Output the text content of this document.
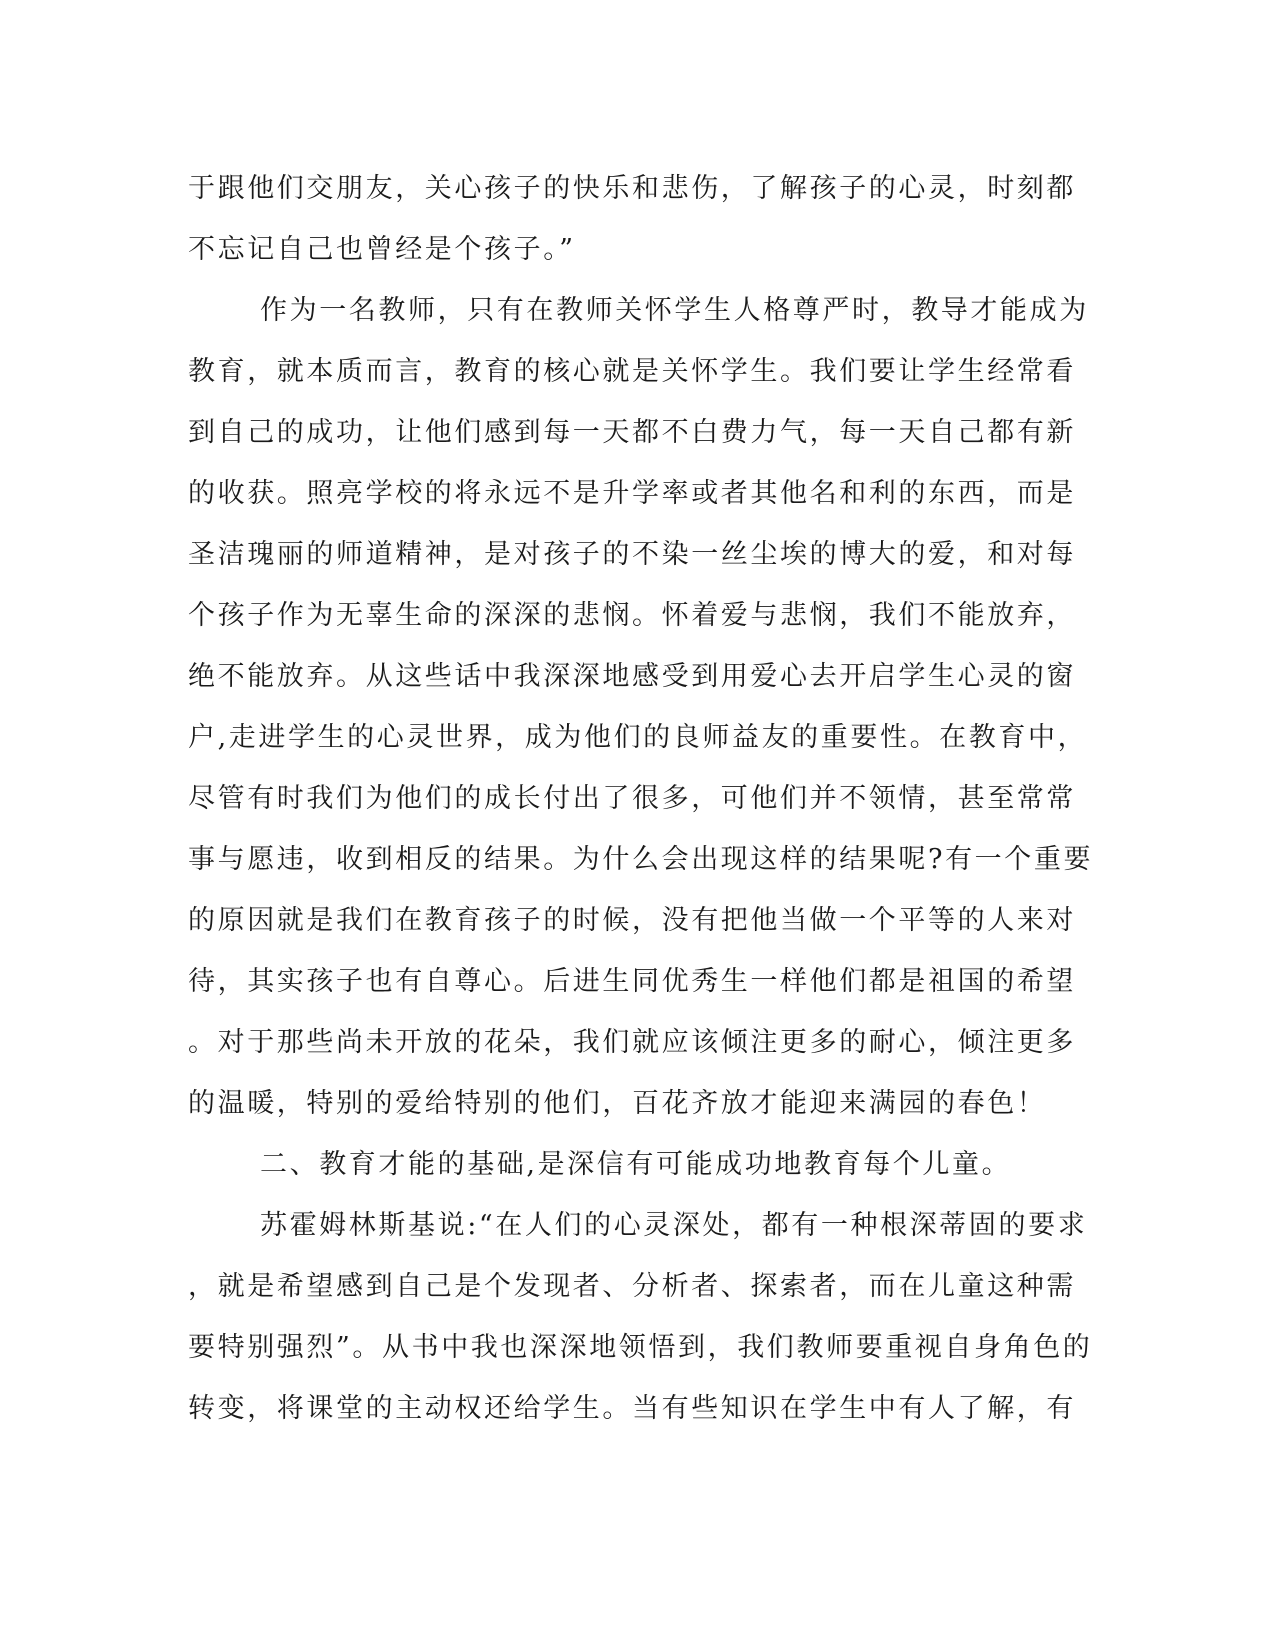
于跟他们交朋友，关心孩子的快乐和悲伤，了解孩子的心灵，时刻都
不忘记自己也曾经是个孩子。”
作为一名教师，只有在教师关怀学生人格尊严时，教导才能成为
教育，就本质而言，教育的核心就是关怀学生。我们要让学生经常看
到自己的成功，让他们感到每一天都不白费力气，每一天自己都有新
的收获。照亮学校的将永远不是升学率或者其他名和利的东西，而是
圣洁瑰丽的师道精神，是对孩子的不染一丝尘埃的博大的爱，和对每
个孩子作为无辜生命的深深的悲悯。怀着爱与悲悯，我们不能放弃，
绝不能放弃。从这些话中我深深地感受到用爱心去开启学生心灵的窗
户,走进学生的心灵世界，成为他们的良师益友的重要性。在教育中，
尽管有时我们为他们的成长付出了很多，可他们并不领情，甚至常常
事与愿违，收到相反的结果。为什么会出现这样的结果呢?有一个重要
的原因就是我们在教育孩子的时候，没有把他当做一个平等的人来对
待，其实孩子也有自尊心。后进生同优秀生一样他们都是祖国的希望
。对于那些尚未开放的花朵，我们就应该倾注更多的耐心，倾注更多
的温暖，特别的爱给特别的他们，百花齐放才能迎来满园的春色！
二、教育才能的基础,是深信有可能成功地教育每个儿童。
苏霍姆林斯基说:“在人们的心灵深处，都有一种根深蒂固的要求
，就是希望感到自己是个发现者、分析者、探索者，而在儿童这种需
要特别强烈”。从书中我也深深地领悟到，我们教师要重视自身角色的
转变，将课堂的主动权还给学生。当有些知识在学生中有人了解，有
